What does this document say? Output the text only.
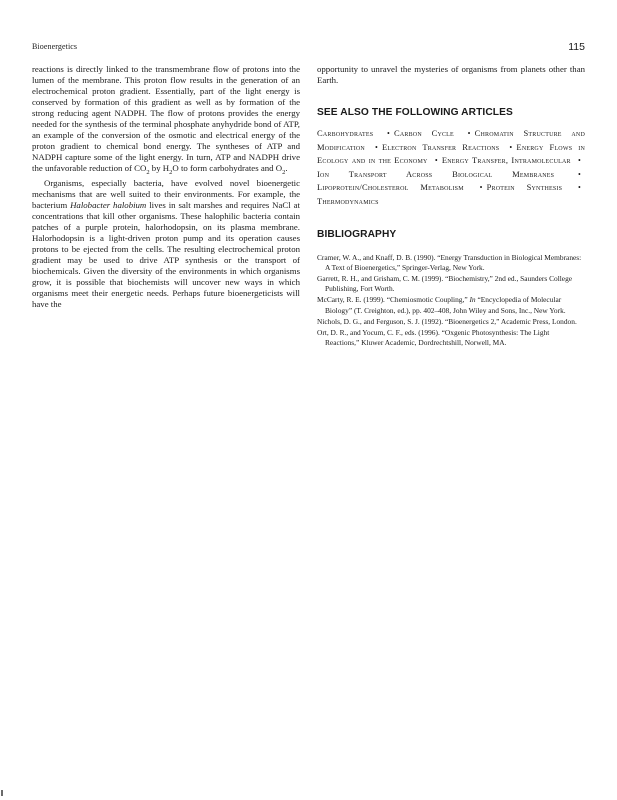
Bioenergetics	115

reactions is directly linked to the transmembrane flow of protons into the lumen of the membrane. This proton flow results in the generation of an electrochemical proton gradient. Essentially, part of the light energy is conserved by formation of this gradient as well as by formation of the strong reducing agent NADPH. The flow of protons provides the energy needed for the synthesis of the terminal phosphate anyhydride bond of ATP, an example of the conversion of the osmotic and electrical energy of the proton gradient to chemical bond energy. The syntheses of ATP and NADPH capture some of the light energy. In turn, ATP and NADPH drive the unfavorable reduction of $CO_2$ by $H_2O$ to form carbohydrates and $O_2$.

Organisms, especially bacteria, have evolved novel bioenergetic mechanisms that are well suited to their environments. For example, the bacterium Halobacter halobium lives in salt marshes and requires NaCl at concentrations that kill other organisms. These halophilic bacteria contain patches of a purple protein, halorhodopsin, on its plasma membrane. Halorhodopsin is a light-driven proton pump and its operation causes protons to be ejected from the cells. The resulting electrochemical proton gradient may be used to drive ATP synthesis or the transport of biochemicals. Given the diversity of the environments in which organisms grow, it is possible that biochemists will uncover new ways in which organisms meet their energetic needs. Perhaps future bioenergeticists will have the

opportunity to unravel the mysteries of organisms from planets other than Earth.

SEE ALSO THE FOLLOWING ARTICLES
Carbohydrates • Carbon Cycle • Chromatin Structure and Modification • Electron Transfer Reactions • Energy Flows in Ecology and in the Economy • Energy Transfer, Intramolecular •Ion Transport Across Biological Membranes	•Lipoprotein/Cholesterol Metabolism • Protein Synthesis •Thermodynamics
BIBLIOGRAPHY

Cramer, W. A., and Knaff, D. B. (1990). “Energy Transduction in Biological Membranes: A Text of Bioenergetics,” Springer-Verlag, New York.

Garrett, R. H., and Grisham, C. M. (1999). “Biochemistry,” 2nd ed., Saunders College Publishing, Fort Worth.

McCarty, R. E. (1999). “Chemiosmotic Coupling,” In “Encyclopedia of Molecular Biology” (T. Creighton, ed.), pp. 402–408, John Wiley and Sons, Inc., New York.

Nichols, D. G., and Ferguson, S. J. (1992). “Bioenergetics 2,” Academic Press, London.

Ort, D. R., and Yocum, C. F., eds. (1996). “Oxgenic Photosynthesis: The Light Reactions,” Kluwer Academic, Dordrechtshill, Norwell, MA.
